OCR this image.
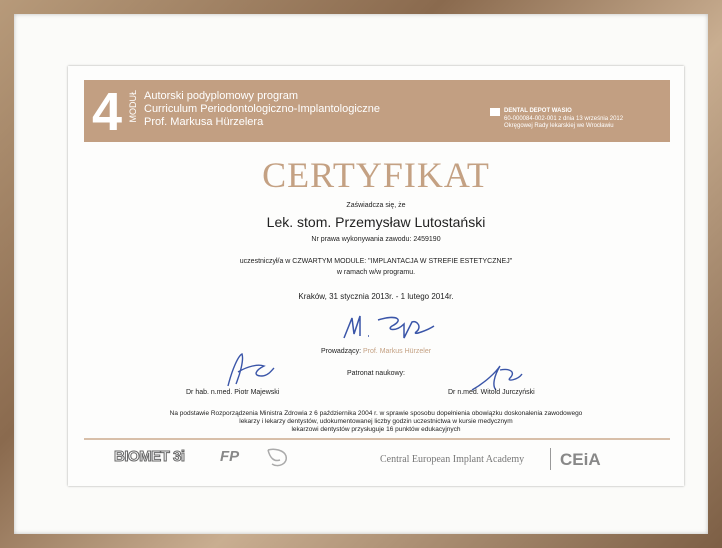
4 MODUŁ Autorski podyplomowy program
Curriculum Periodontologiczno-Implantologiczne
Prof. Markusa Hürzelera
DENTAL DEPOT WASIO
60-000084-002-001 z dnia 13 września 2012
Okręgowej Rady lekarskiej we Wrocławiu
CERTYFIKAT
Zaświadcza się, że
Lek. stom. Przemysław Lutostański
Nr prawa wykonywania zawodu: 2459190
uczestniczył/a w CZWARTYM MODULE: "IMPLANTACJA W STREFIE ESTETYCZNEJ"
w ramach w/w programu.
Kraków, 31 stycznia 2013r. - 1 lutego 2014r.
Prowadzący: Prof. Markus Hürzeler
Patronat naukowy:
Dr hab. n.med. Piotr Majewski	Dr n.med. Witold Jurczyński
Na podstawie Rozporządzenia Ministra Zdrowia z 6 października 2004 r. w sprawie sposobu dopełnienia obowiązku doskonalenia zawodowego
lekarzy i lekarzy dentystów, udokumentowanej liczby godzin uczestnictwa w kursie medycznym
lekarzowi dentystów przysługuje 16 punktów edukacyjnych
BIOMET 3i FP	Central European Implant Academy CEiA
